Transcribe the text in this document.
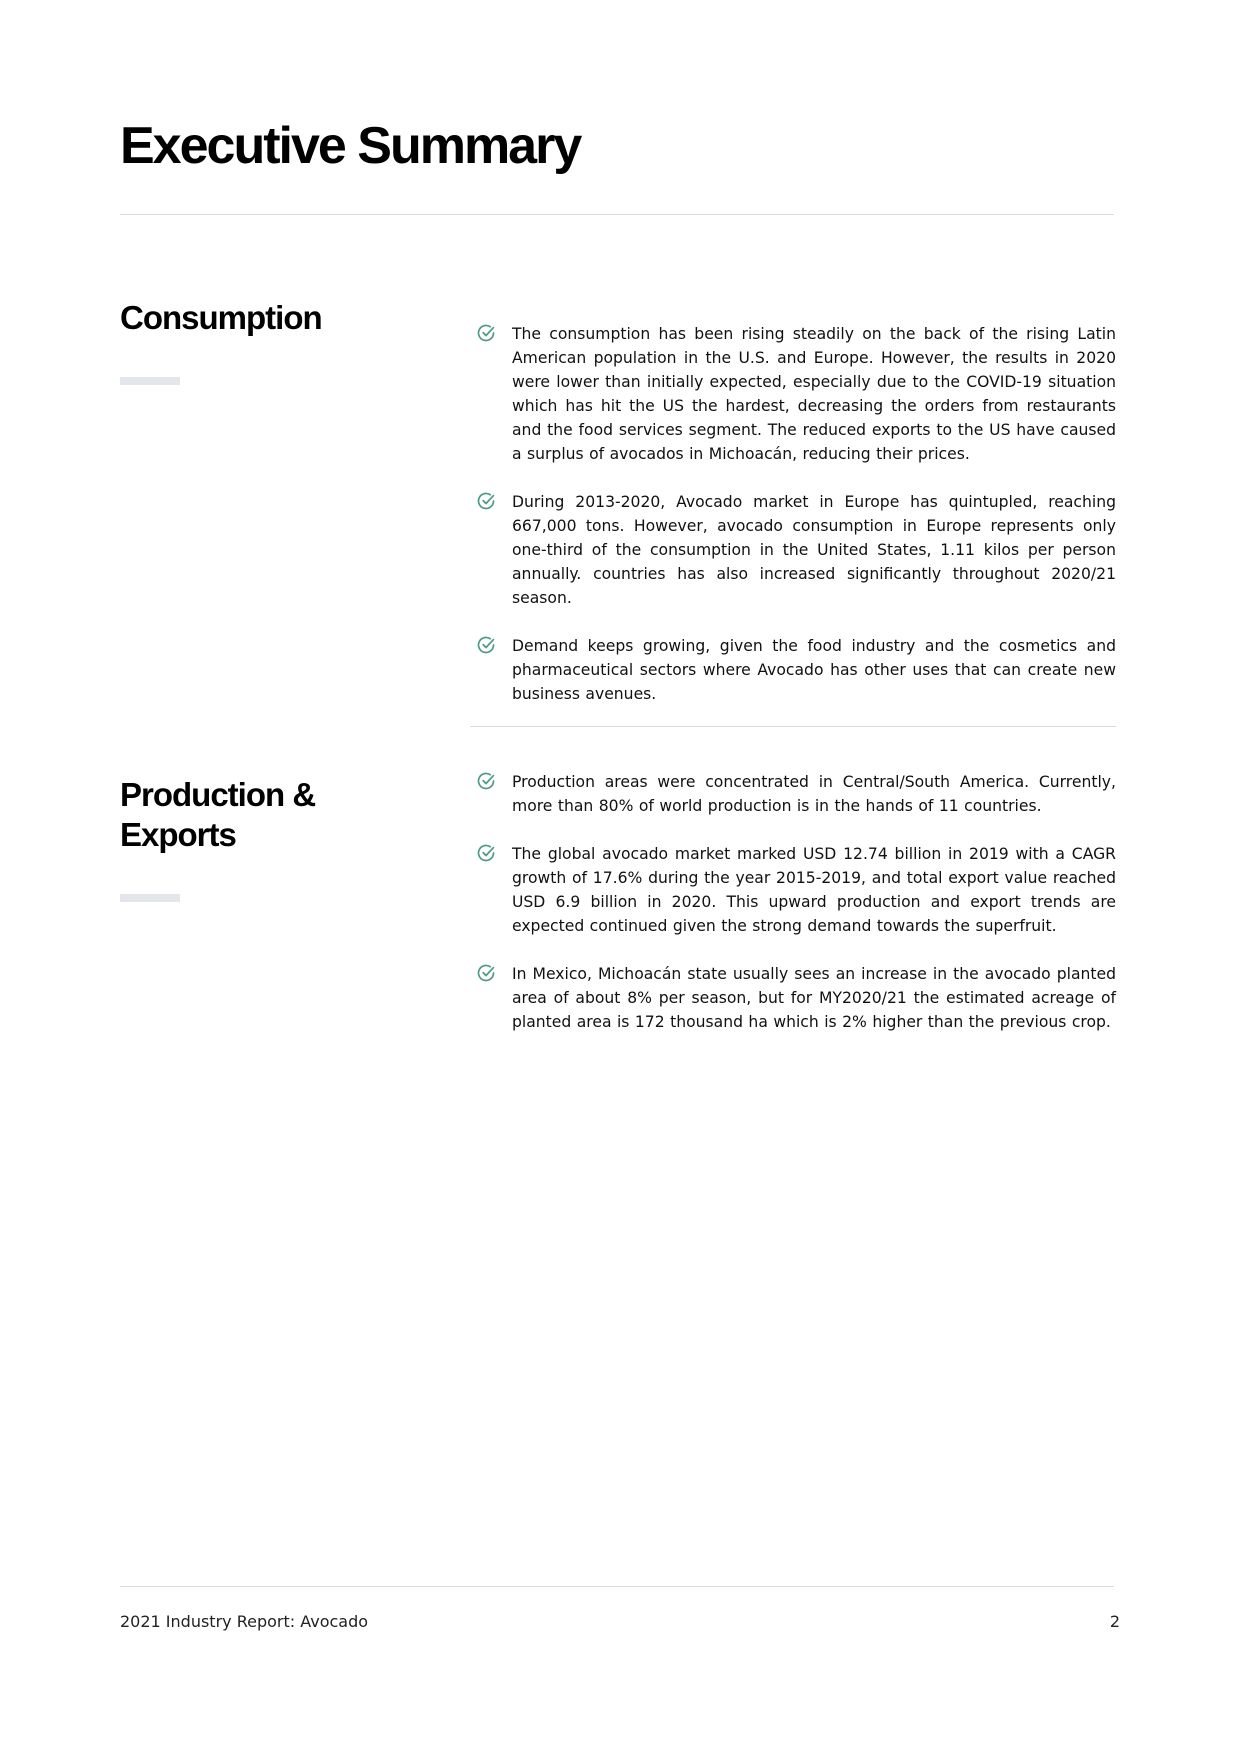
Executive Summary
Consumption	The consumption has been rising steadily on the back of the rising Latin American population in the U.S. and Europe. However, the results in 2020 were lower than initially expected, especially due to the COVID-19 situation which has hit the US the hardest, decreasing the orders from restaurants and the food services segment. The reduced exports to the US have caused a surplus of avocados in Michoacán, reducing their prices.
During 2013-2020, Avocado market in Europe has quintupled, reaching 667,000 tons. However, avocado consumption in Europe represents only one-third of the consumption in the United States, 1.11 kilos per person annually. countries has also increased significantly throughout 2020/21 season.
Demand keeps growing, given the food industry and the cosmetics and pharmaceutical sectors where Avocado has other uses that can create new business avenues.
Production & Exports
Production areas were concentrated in Central/South America. Currently, more than 80% of world production is in the hands of 11 countries.
The global avocado market marked USD 12.74 billion in 2019 with a CAGR growth of 17.6% during the year 2015-2019, and total export value reached USD 6.9 billion in 2020. This upward production and export trends are expected continued given the strong demand towards the superfruit.
In Mexico, Michoacán state usually sees an increase in the avocado planted area of about 8% per season, but for MY2020/21 the estimated acreage of planted area is 172 thousand ha which is 2% higher than the previous crop.
2021 Industry Report: Avocado	2
